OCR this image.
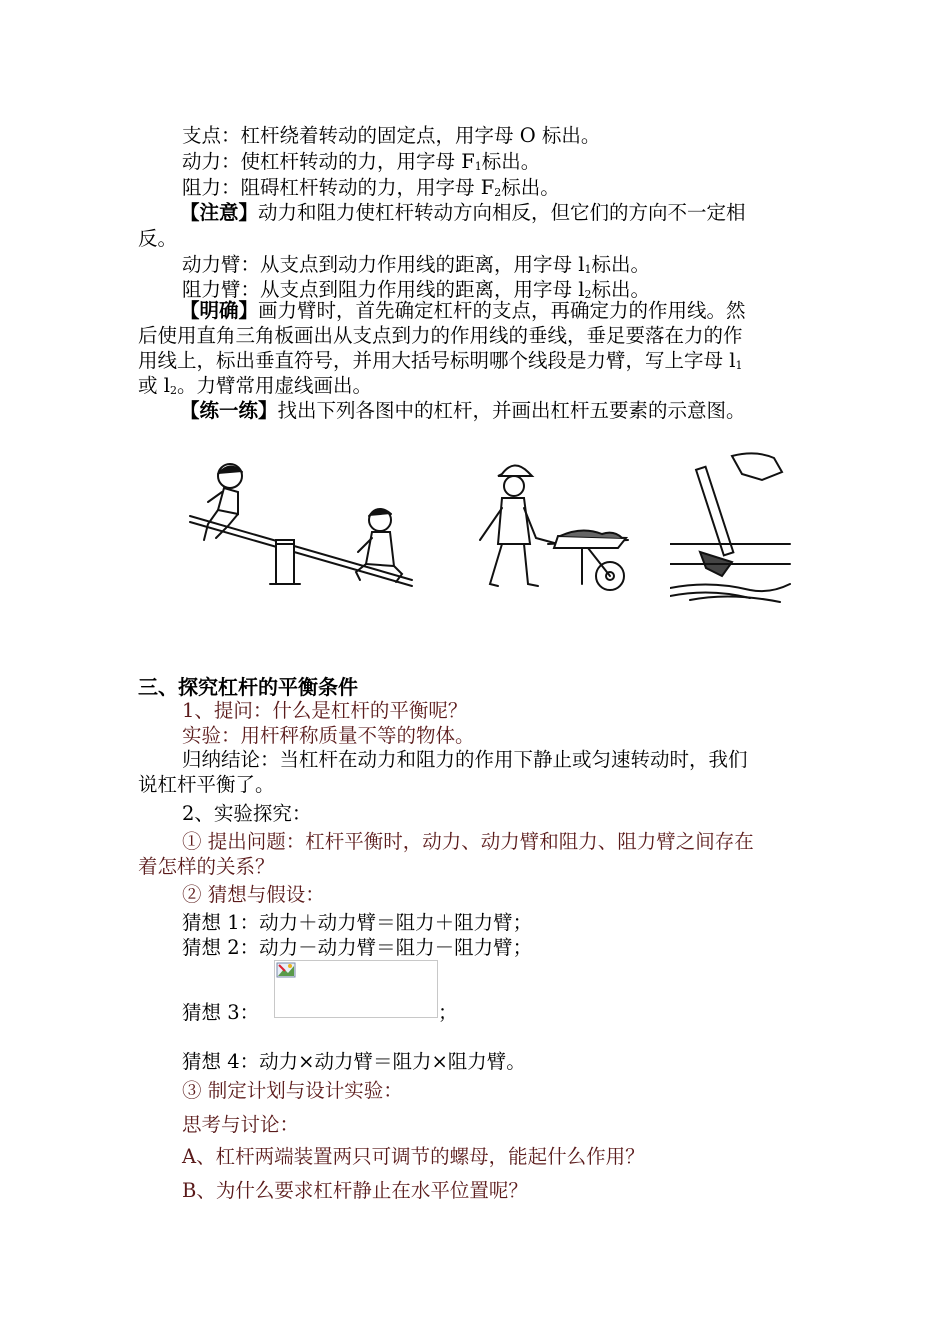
支点：杠杆绕着转动的固定点，用字母 O 标出。
动力：使杠杆转动的力，用字母 $F_1$标出。
阻力：阻碍杠杆转动的力，用字母 $F_2$标出。
【注意】动力和阻力使杠杆转动方向相反，但它们的方向不一定相
反。
动力臂：从支点到动力作用线的距离，用字母 $l_1$标出。
阻力臂：从支点到阻力作用线的距离，用字母 $l_2$标出。
【明确】画力臂时，首先确定杠杆的支点，再确定力的作用线。然
后使用直角三角板画出从支点到力的作用线的垂线，垂足要落在力的作
用线上，标出垂直符号，并用大括号标明哪个线段是力臂，写上字母 $l_1$
或 $l_2$。力臂常用虚线画出。
【练一练】找出下列各图中的杠杆，并画出杠杆五要素的示意图。
三、探究杠杆的平衡条件
1、提问：什么是杠杆的平衡呢？
实验：用杆秤称质量不等的物体。
归纳结论：当杠杆在动力和阻力的作用下静止或匀速转动时，我们
说杠杆平衡了。
2、实验探究：
① 提出问题：杠杆平衡时，动力、动力臂和阻力、阻力臂之间存在
着怎样的关系？
② 猜想与假设：
猜想 1：动力＋动力臂＝阻力＋阻力臂；
猜想 2：动力－动力臂＝阻力－阻力臂；
猜想 3：	；
猜想 4：动力×动力臂＝阻力×阻力臂。
③ 制定计划与设计实验：
思考与讨论：
A、杠杆两端装置两只可调节的螺母，能起什么作用？
B、为什么要求杠杆静止在水平位置呢？
